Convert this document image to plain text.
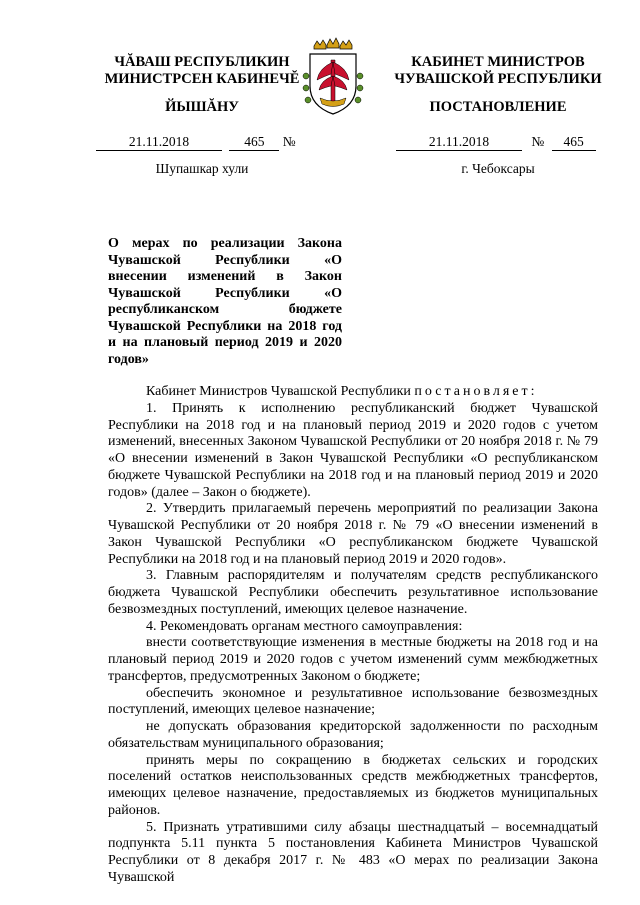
ЧĂВАШ РЕСПУБЛИКИН
МИНИСТРСЕН КАБИНЕЧĔ
ЙЫШĂНУ
21.11.2018	465 №
Шупашкар хули
КАБИНЕТ МИНИСТРОВ
ЧУВАШСКОЙ РЕСПУБЛИКИ
ПОСТАНОВЛЕНИЕ
21.11.2018	№ 465
г. Чебоксары
О мерах по реализации Закона Чувашской Республики «О внесении изменений в Закон Чувашской Республики «О республиканском бюджете Чувашской Республики на 2018 год и на плановый период 2019 и 2020 годов»

Кабинет Министров Чувашской Республики постановляет:

1. Принять к исполнению республиканский бюджет Чувашской Республики на 2018 год и на плановый период 2019 и 2020 годов с учетом изменений, внесенных Законом Чувашской Республики от 20 ноября 2018 г. № 79 «О внесении изменений в Закон Чувашской Республики «О республиканском бюджете Чувашской Республики на 2018 год и на плановый период 2019 и 2020 годов» (далее – Закон о бюджете).

2. Утвердить прилагаемый перечень мероприятий по реализации Закона Чувашской Республики от 20 ноября 2018 г. № 79 «О внесении изменений в Закон Чувашской Республики «О республиканском бюджете Чувашской Республики на 2018 год и на плановый период 2019 и 2020 годов».

3. Главным распорядителям и получателям средств республиканского бюджета Чувашской Республики обеспечить результативное использование безвозмездных поступлений, имеющих целевое назначение.

4. Рекомендовать органам местного самоуправления:

внести соответствующие изменения в местные бюджеты на 2018 год и на плановый период 2019 и 2020 годов с учетом изменений сумм межбюджетных трансфертов, предусмотренных Законом о бюджете;

обеспечить экономное и результативное использование безвозмездных поступлений, имеющих целевое назначение;

не допускать образования кредиторской задолженности по расходным обязательствам муниципального образования;

принять меры по сокращению в бюджетах сельских и городских поселений остатков неиспользованных средств межбюджетных трансфертов, имеющих целевое назначение, предоставляемых из бюджетов муниципальных районов.

5. Признать утратившими силу абзацы шестнадцатый – восемнадцатый подпункта 5.11 пункта 5 постановления Кабинета Министров Чувашской Республики от 8 декабря 2017 г. № 483 «О мерах по реализации Закона Чувашской
